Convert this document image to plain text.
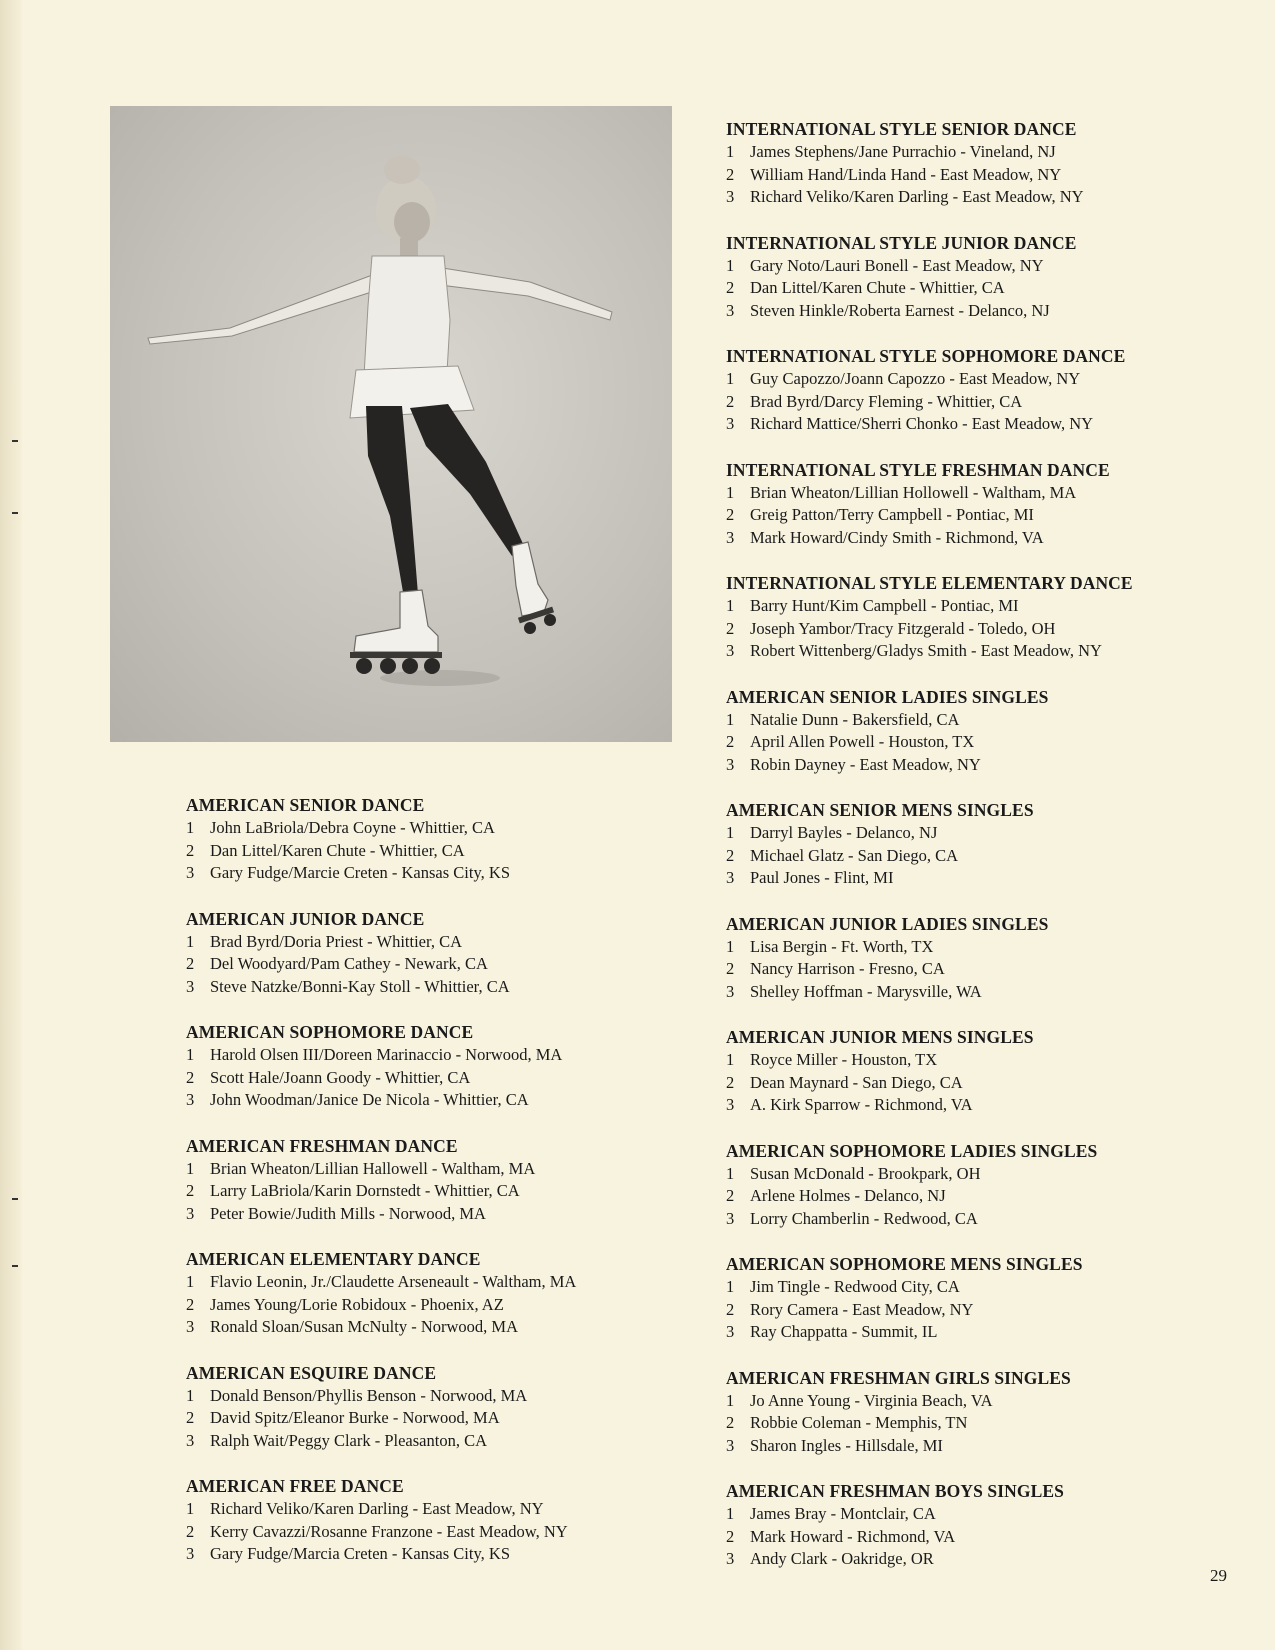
AMERICAN SENIOR DANCE
1 John LaBriola/Debra Coyne - Whittier, CA
2 Dan Littel/Karen Chute - Whittier, CA
3 Gary Fudge/Marcie Creten - Kansas City, KS
AMERICAN JUNIOR DANCE
1 Brad Byrd/Doria Priest - Whittier, CA
2 Del Woodyard/Pam Cathey - Newark, CA
3 Steve Natzke/Bonni-Kay Stoll - Whittier, CA
AMERICAN SOPHOMORE DANCE
1 Harold Olsen III/Doreen Marinaccio - Norwood, MA
2 Scott Hale/Joann Goody - Whittier, CA
3 John Woodman/Janice De Nicola - Whittier, CA
AMERICAN FRESHMAN DANCE
1 Brian Wheaton/Lillian Hallowell - Waltham, MA
2 Larry LaBriola/Karin Dornstedt - Whittier, CA
3 Peter Bowie/Judith Mills - Norwood, MA
AMERICAN ELEMENTARY DANCE
1 Flavio Leonin, Jr./Claudette Arseneault - Waltham, MA
2 James Young/Lorie Robidoux - Phoenix, AZ
3 Ronald Sloan/Susan McNulty - Norwood, MA
AMERICAN ESQUIRE DANCE
1 Donald Benson/Phyllis Benson - Norwood, MA
2 David Spitz/Eleanor Burke - Norwood, MA
3 Ralph Wait/Peggy Clark - Pleasanton, CA
AMERICAN FREE DANCE
1 Richard Veliko/Karen Darling - East Meadow, NY
2 Kerry Cavazzi/Rosanne Franzone - East Meadow, NY
3 Gary Fudge/Marcia Creten - Kansas City, KS
INTERNATIONAL STYLE SENIOR DANCE
1 James Stephens/Jane Purrachio - Vineland, NJ
2 William Hand/Linda Hand - East Meadow, NY
3 Richard Veliko/Karen Darling - East Meadow, NY
INTERNATIONAL STYLE JUNIOR DANCE
1 Gary Noto/Lauri Bonell - East Meadow, NY
2 Dan Littel/Karen Chute - Whittier, CA
3 Steven Hinkle/Roberta Earnest - Delanco, NJ
INTERNATIONAL STYLE SOPHOMORE DANCE
1 Guy Capozzo/Joann Capozzo - East Meadow, NY
2 Brad Byrd/Darcy Fleming - Whittier, CA
3 Richard Mattice/Sherri Chonko - East Meadow, NY
INTERNATIONAL STYLE FRESHMAN DANCE
1 Brian Wheaton/Lillian Hollowell - Waltham, MA
2 Greig Patton/Terry Campbell - Pontiac, MI
3 Mark Howard/Cindy Smith - Richmond, VA
INTERNATIONAL STYLE ELEMENTARY DANCE
1 Barry Hunt/Kim Campbell - Pontiac, MI
2 Joseph Yambor/Tracy Fitzgerald - Toledo, OH
3 Robert Wittenberg/Gladys Smith - East Meadow, NY
AMERICAN SENIOR LADIES SINGLES
1 Natalie Dunn - Bakersfield, CA
2 April Allen Powell - Houston, TX
3 Robin Dayney - East Meadow, NY
AMERICAN SENIOR MENS SINGLES
1 Darryl Bayles - Delanco, NJ
2 Michael Glatz - San Diego, CA
3 Paul Jones - Flint, MI
AMERICAN JUNIOR LADIES SINGLES
1 Lisa Bergin - Ft. Worth, TX
2 Nancy Harrison - Fresno, CA
3 Shelley Hoffman - Marysville, WA
AMERICAN JUNIOR MENS SINGLES
1 Royce Miller - Houston, TX
2 Dean Maynard - San Diego, CA
3 A. Kirk Sparrow - Richmond, VA
AMERICAN SOPHOMORE LADIES SINGLES
1 Susan McDonald - Brookpark, OH
2 Arlene Holmes - Delanco, NJ
3 Lorry Chamberlin - Redwood, CA
AMERICAN SOPHOMORE MENS SINGLES
1 Jim Tingle - Redwood City, CA
2 Rory Camera - East Meadow, NY
3 Ray Chappatta - Summit, IL
AMERICAN FRESHMAN GIRLS SINGLES
1 Jo Anne Young - Virginia Beach, VA
2 Robbie Coleman - Memphis, TN
3 Sharon Ingles - Hillsdale, MI
AMERICAN FRESHMAN BOYS SINGLES
1 James Bray - Montclair, CA
2 Mark Howard - Richmond, VA
3 Andy Clark - Oakridge, OR
29
